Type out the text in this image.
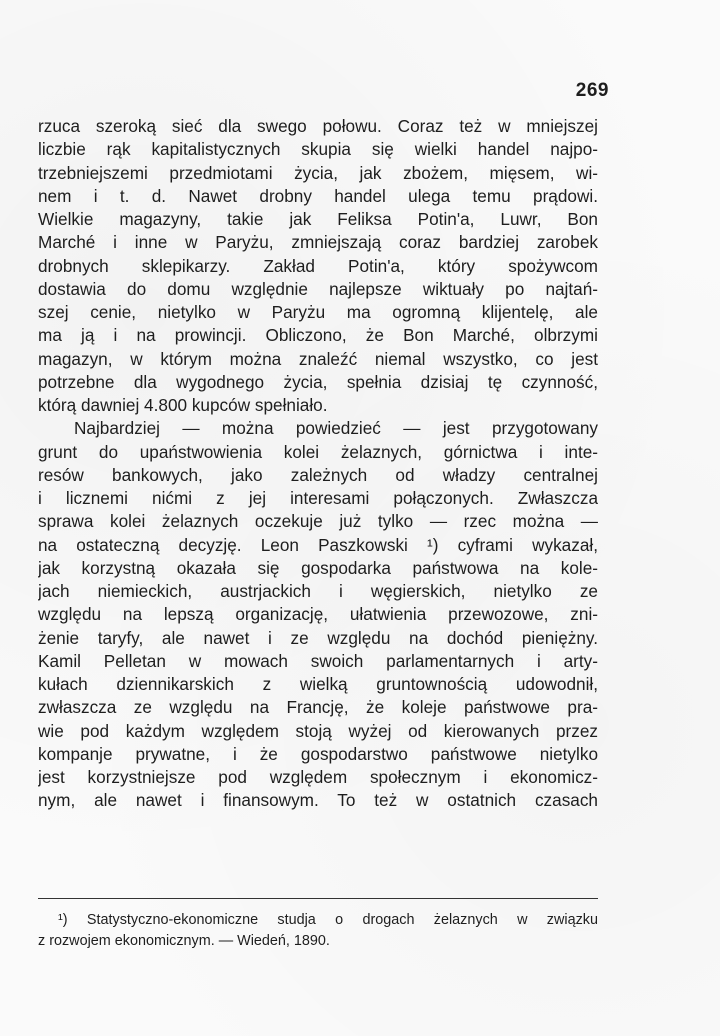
269
rzuca szeroką sieć dla swego połowu. Coraz też w mniejszej
liczbie rąk kapitalistycznych skupia się wielki handel najpo-
trzebniejszemi przedmiotami życia, jak zbożem, mięsem, wi-
nem i t. d. Nawet drobny handel ulega temu prądowi.
Wielkie magazyny, takie jak Feliksa Potin'a, Luwr, Bon
Marché i inne w Paryżu, zmniejszają coraz bardziej zarobek
drobnych sklepikarzy. Zakład Potin'a, który spożywcom
dostawia do domu względnie najlepsze wiktuały po najtań-
szej cenie, nietylko w Paryżu ma ogromną klijentelę, ale
ma ją i na prowincji. Obliczono, że Bon Marché, olbrzymi
magazyn, w którym można znaleźć niemal wszystko, co jest
potrzebne dla wygodnego życia, spełnia dzisiaj tę czynność,
którą dawniej 4.800 kupców spełniało.
Najbardziej — można powiedzieć — jest przygotowany
grunt do upaństwowienia kolei żelaznych, górnictwa i inte-
resów bankowych, jako zależnych od władzy centralnej
i licznemi nićmi z jej interesami połączonych. Zwłaszcza
sprawa kolei żelaznych oczekuje już tylko — rzec można —
na ostateczną decyzję. Leon Paszkowski ¹) cyframi wykazał,
jak korzystną okazała się gospodarka państwowa na kole-
jach niemieckich, austrjackich i węgierskich, nietylko ze
względu na lepszą organizację, ułatwienia przewozowe, zni-
żenie taryfy, ale nawet i ze względu na dochód pieniężny.
Kamil Pelletan w mowach swoich parlamentarnych i arty-
kułach dziennikarskich z wielką gruntownością udowodnił,
zwłaszcza ze względu na Francję, że koleje państwowe pra-
wie pod każdym względem stoją wyżej od kierowanych przez
kompanje prywatne, i że gospodarstwo państwowe nietylko
jest korzystniejsze pod względem społecznym i ekonomicz-
nym, ale nawet i finansowym. To też w ostatnich czasach
¹) Statystyczno-ekonomiczne studja o drogach żelaznych w związku
z rozwojem ekonomicznym. — Wiedeń, 1890.
